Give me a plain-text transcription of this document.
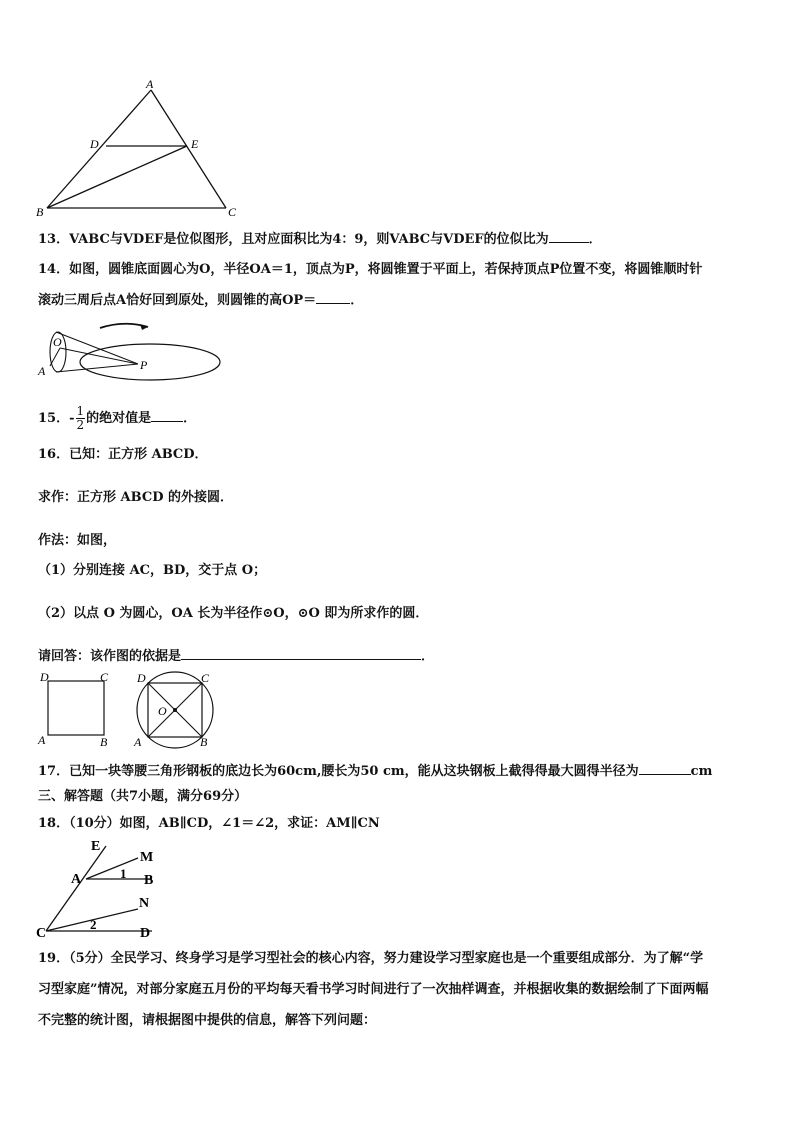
A
D	E
B	C
13．VABC与VDEF是位似图形，且对应面积比为4：9，则VABC与VDEF的位似比为	．
14．如图，圆锥底面圆心为O，半径OA＝1，顶点为P，将圆锥置于平面上，若保持顶点P位置不变，将圆锥顺时针
滚动三周后点A恰好回到原处，则圆锥的高OP＝	．
O
A	P
15．- $\frac{1}{2}$ 的绝对值是 ．
16．已知：正方形 ABCD．
求作：正方形 ABCD 的外接圆．
作法：如图，
（1）分别连接 AC，BD，交于点 O；
（2）以点 O 为圆心，OA 长为半径作⊙O，⊙O 即为所求作的圆．
请回答：该作图的依据是	．
D	C
A	B
D	C
O
A	B
17．已知一块等腰三角形钢板的底边长为60cm,腰长为50 cm，能从这块钢板上截得得最大圆得半径为	cm
三、解答题（共7小题，满分69分）
18．（10分）如图，AB∥CD，∠1＝∠2，求证：AM∥CN
E
M
A	B
1
N
2
C	D
19．（5分）全民学习、终身学习是学习型社会的核心内容，努力建设学习型家庭也是一个重要组成部分．为了解“学
习型家庭”情况，对部分家庭五月份的平均每天看书学习时间进行了一次抽样调查，并根据收集的数据绘制了下面两幅
不完整的统计图，请根据图中提供的信息，解答下列问题：
